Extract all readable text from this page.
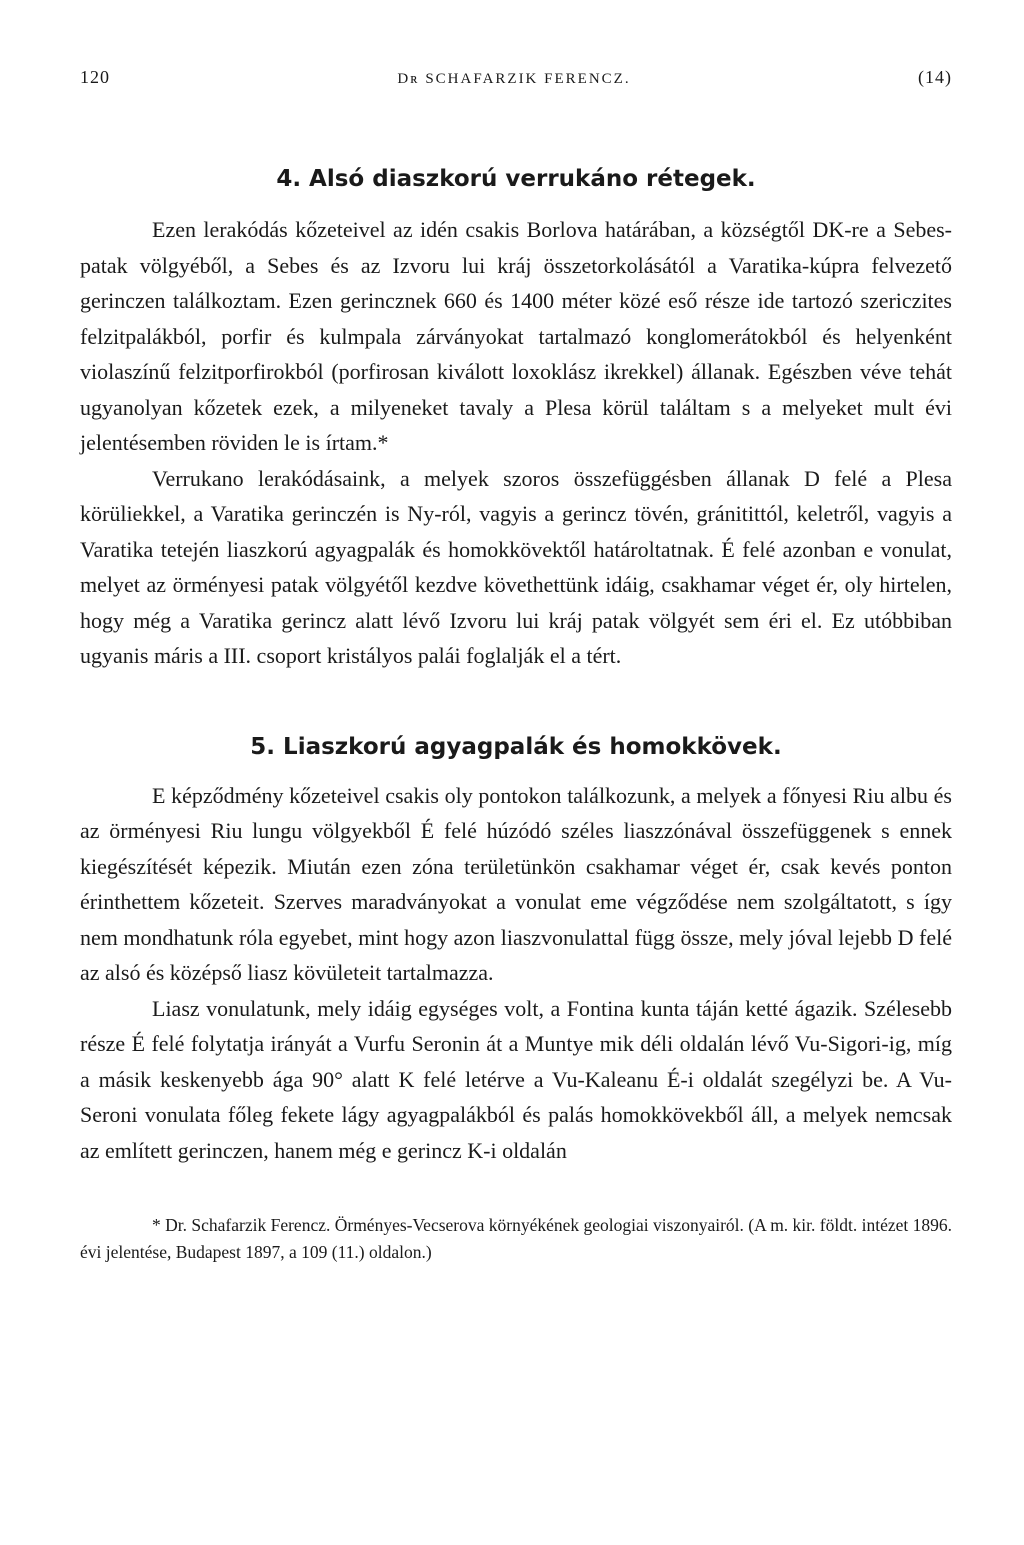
120	Dʀ SCHAFARZIK FERENCZ.	(14)
4. Alsó diaszkorú verrukáno rétegek.

Ezen lerakódás kőzeteivel az idén csakis Borlova határában, a községtől DK-re a Sebes-patak völgyéből, a Sebes és az Izvoru lui kráj összetorkolásától a Varatika-kúpra felvezető gerinczen találkoztam. Ezen gerincznek 660 és 1400 méter közé eső része ide tartozó szericzites felzitpalákból, porfir és kulmpala zárványokat tartalmazó konglomerátokból és helyenként violaszínű felzitporfirokból (porfirosan kiválott loxoklász ikrekkel) állanak. Egészben véve tehát ugyanolyan kőzetek ezek, a milyeneket tavaly a Plesa körül találtam s a melyeket mult évi jelentésemben röviden le is írtam.*

Verrukano lerakódásaink, a melyek szoros összefüggésben állanak D felé a Plesa körüliekkel, a Varatika gerinczén is Ny-ról, vagyis a gerincz tövén, gránitittól, keletről, vagyis a Varatika tetején liaszkorú agyagpalák és homokkövektől határoltatnak. É felé azonban e vonulat, melyet az örményesi patak völgyétől kezdve követhettünk idáig, csakhamar véget ér, oly hirtelen, hogy még a Varatika gerincz alatt lévő Izvoru lui kráj patak völgyét sem éri el. Ez utóbbiban ugyanis máris a III. csoport kristályos palái foglalják el a tért.

5. Liaszkorú agyagpalák és homokkövek.

E képződmény kőzeteivel csakis oly pontokon találkozunk, a melyek a főnyesi Riu albu és az örményesi Riu lungu völgyekből É felé húzódó széles liaszzónával összefüggenek s ennek kiegészítését képezik. Miután ezen zóna területünkön csakhamar véget ér, csak kevés ponton érinthettem kőzeteit. Szerves maradványokat a vonulat eme végződése nem szolgáltatott, s így nem mondhatunk róla egyebet, mint hogy azon liaszvonulattal függ össze, mely jóval lejebb D felé az alsó és középső liasz kövületeit tartalmazza.

Liasz vonulatunk, mely idáig egységes volt, a Fontina kunta táján ketté ágazik. Szélesebb része É felé folytatja irányát a Vurfu Seronin át a Muntye mik déli oldalán lévő Vu-Sigori-ig, míg a másik keskenyebb ága 90° alatt K felé letérve a Vu-Kaleanu É-i oldalát szegélyzi be. A Vu-Seroni vonulata főleg fekete lágy agyagpalákból és palás homokkövekből áll, a melyek nemcsak az említett gerinczen, hanem még e gerincz K-i oldalán

* Dr. Schafarzik Ferencz. Örményes-Vecserova környékének geologiai viszonyairól. (A m. kir. földt. intézet 1896. évi jelentése, Budapest 1897, a 109 (11.) oldalon.)
